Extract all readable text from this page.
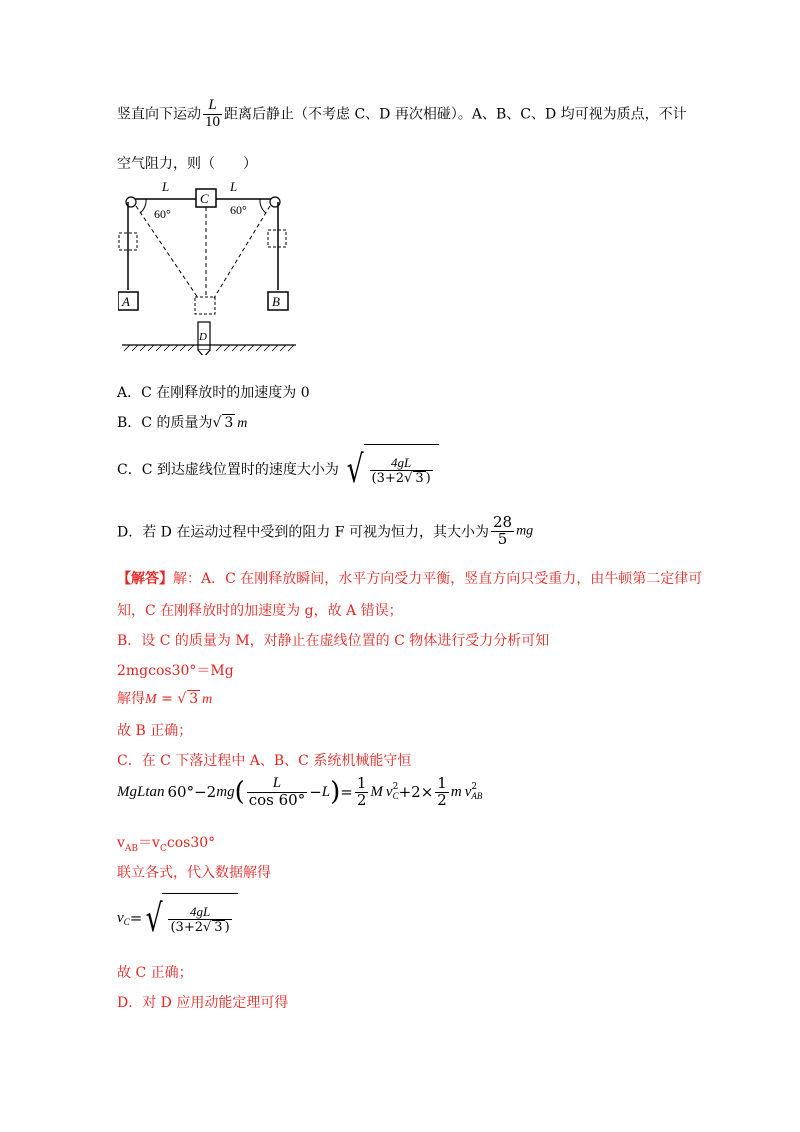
竖直向下运动 $\frac{L}{10}$ 距离后静止（不考虑 C、D 再次相碰）。A、B、C、D 均可视为质点，不计
空气阻力，则（　　）
C
L	L
60°	60°
A	B
D
A．C 在刚释放时的加速度为 0
B．C 的质量为√ 3 m
C．C 到达虚线位置时的速度大小为 √ $\frac{4gL}{(3+2√ 3 )}$
D．若 D 在运动过程中受到的阻力 F 可视为恒力，其大小为 $\frac{28}{5}$ mg
【解答】解：A．C 在刚释放瞬间，水平方向受力平衡，竖直方向只受重力，由牛顿第二定律可
知，C 在刚释放时的加速度为 g，故 A 错误；
B．设 C 的质量为 M，对静止在虚线位置的 C 物体进行受力分析可知
2mgcos30°＝Mg
解得M = √ 3 m
故 B 正确；
C．在 C 下落过程中 A、B、C 系统机械能守恒
MgLtan 60° −2 mg ( $\frac{L}{\cos 60^\circ} - L$ ) = $\frac{1}{2}$ M v 2
$C +2\times \frac{1}{2}$ m v 2
AB
$v_{AB}=v_C\cos 30^\circ$
联立各式，代入数据解得
$v_C$ = √ $\frac{4gL}{(3+2√ 3 )}$
故 C 正确；
D．对 D 应用动能定理可得
